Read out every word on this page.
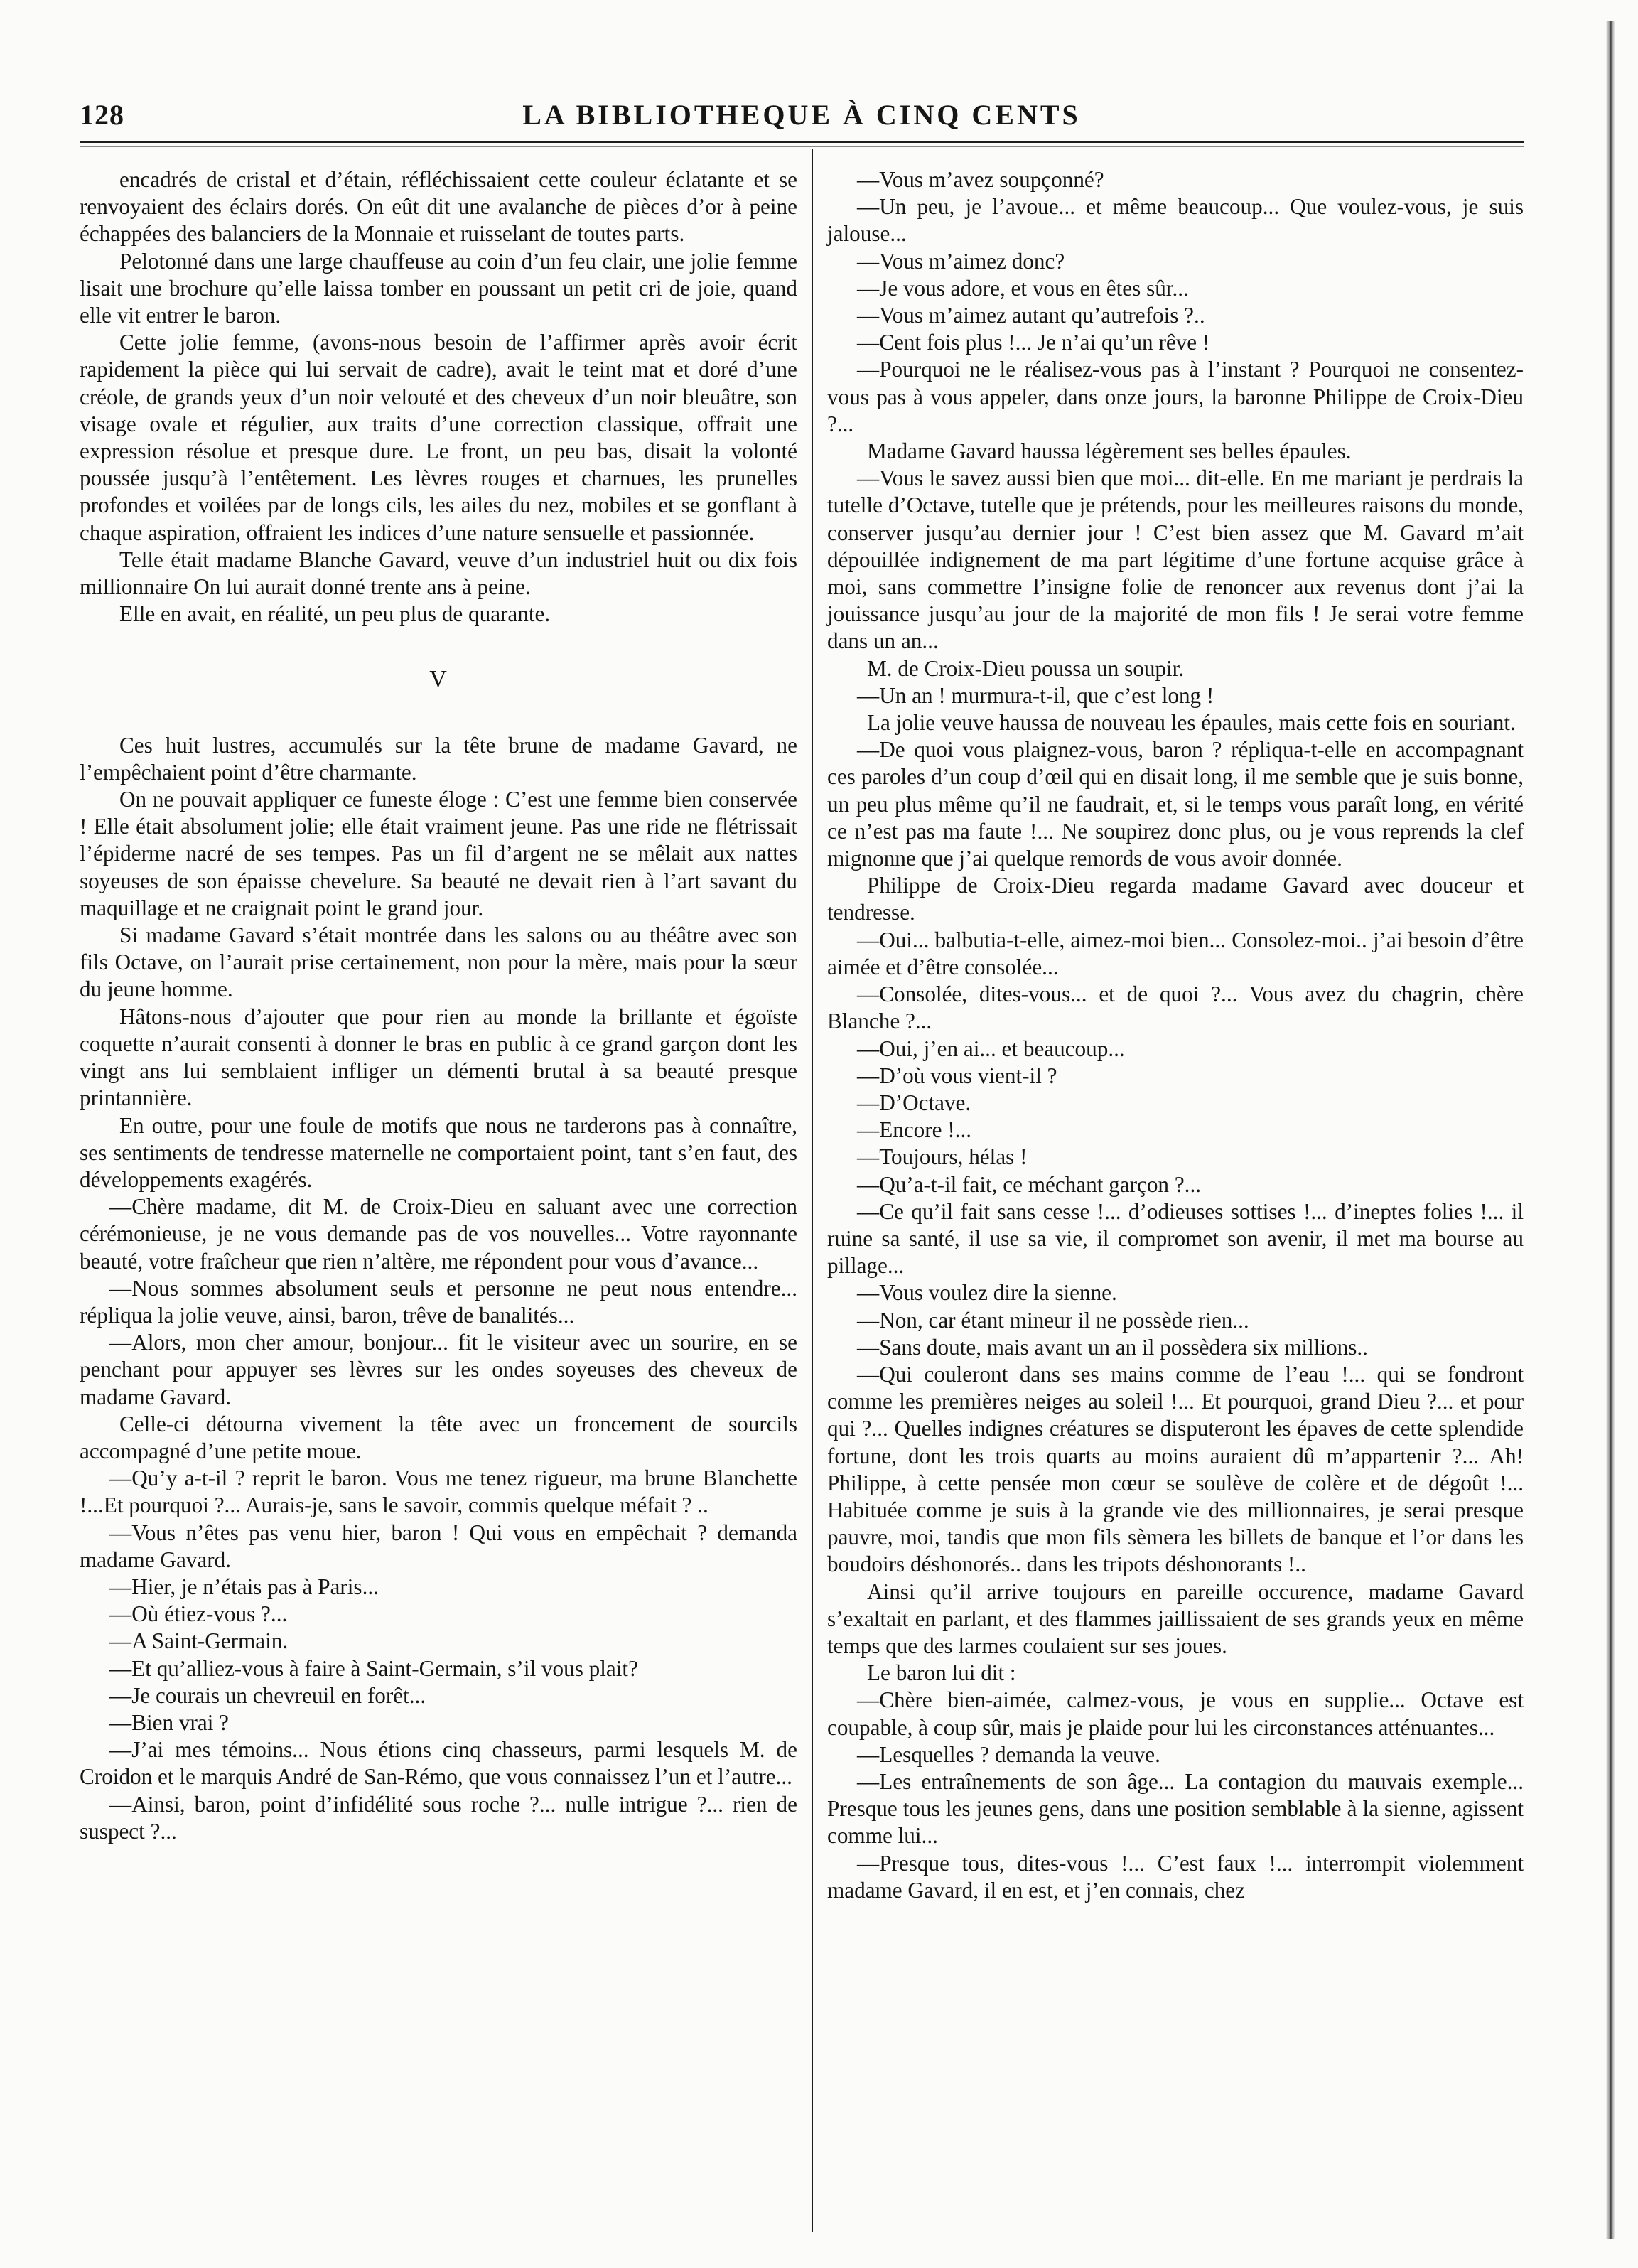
128	LA BIBLIOTHEQUE À CINQ CENTS

encadrés de cristal et d’étain, réfléchissaient cette couleur éclatante et se renvoyaient des éclairs dorés. On eût dit une avalanche de pièces d’or à peine échappées des balanciers de la Monnaie et ruisselant de toutes parts.

Pelotonné dans une large chauffeuse au coin d’un feu clair, une jolie femme lisait une brochure qu’elle laissa tomber en poussant un petit cri de joie, quand elle vit entrer le baron.

Cette jolie femme, (avons-nous besoin de l’affirmer après avoir écrit rapidement la pièce qui lui servait de cadre), avait le teint mat et doré d’une créole, de grands yeux d’un noir velouté et des cheveux d’un noir bleuâtre, son visage ovale et régulier, aux traits d’une correction classique, offrait une expression résolue et presque dure. Le front, un peu bas, disait la volonté poussée jusqu’à l’entêtement. Les lèvres rouges et charnues, les prunelles profondes et voilées par de longs cils, les ailes du nez, mobiles et se gonflant à chaque aspiration, offraient les indices d’une nature sensuelle et passionnée.

Telle était madame Blanche Gavard, veuve d’un industriel huit ou dix fois millionnaire On lui aurait donné trente ans à peine.

Elle en avait, en réalité, un peu plus de quarante.

V

Ces huit lustres, accumulés sur la tête brune de madame Gavard, ne l’empêchaient point d’être charmante.

On ne pouvait appliquer ce funeste éloge : C’est une femme bien conservée ! Elle était absolument jolie; elle était vraiment jeune. Pas une ride ne flétrissait l’épiderme nacré de ses tempes. Pas un fil d’argent ne se mêlait aux nattes soyeuses de son épaisse chevelure. Sa beauté ne devait rien à l’art savant du maquillage et ne craignait point le grand jour.

Si madame Gavard s’était montrée dans les salons ou au théâtre avec son fils Octave, on l’aurait prise certainement, non pour la mère, mais pour la sœur du jeune homme.

Hâtons-nous d’ajouter que pour rien au monde la brillante et égoïste coquette n’aurait consenti à donner le bras en public à ce grand garçon dont les vingt ans lui semblaient infliger un démenti brutal à sa beauté presque printannière.

En outre, pour une foule de motifs que nous ne tarderons pas à connaître, ses sentiments de tendresse maternelle ne comportaient point, tant s’en faut, des développements exagérés.

—Chère madame, dit M. de Croix-Dieu en saluant avec une correction cérémonieuse, je ne vous demande pas de vos nouvelles... Votre rayonnante beauté, votre fraîcheur que rien n’altère, me répondent pour vous d’avance...

—Nous sommes absolument seuls et personne ne peut nous entendre... répliqua la jolie veuve, ainsi, baron, trêve de banalités...

—Alors, mon cher amour, bonjour... fit le visiteur avec un sourire, en se penchant pour appuyer ses lèvres sur les ondes soyeuses des cheveux de madame Gavard.

Celle-ci détourna vivement la tête avec un froncement de sourcils accompagné d’une petite moue.

—Qu’y a-t-il ? reprit le baron. Vous me tenez rigueur, ma brune Blanchette !...Et pourquoi ?... Aurais-je, sans le savoir, commis quelque méfait ? ..

—Vous n’êtes pas venu hier, baron ! Qui vous en empêchait ? demanda madame Gavard.

—Hier, je n’étais pas à Paris...

—Où étiez-vous ?...

—A Saint-Germain.

—Et qu’alliez-vous à faire à Saint-Germain, s’il vous plait?

—Je courais un chevreuil en forêt...

—Bien vrai ?

—J’ai mes témoins... Nous étions cinq chasseurs, parmi lesquels M. de Croidon et le marquis André de San-Rémo, que vous connaissez l’un et l’autre...

—Ainsi, baron, point d’infidélité sous roche ?... nulle intrigue ?... rien de suspect ?...

—Vous m’avez soupçonné?

—Un peu, je l’avoue... et même beaucoup... Que voulez-vous, je suis jalouse...

—Vous m’aimez donc?

—Je vous adore, et vous en êtes sûr...

—Vous m’aimez autant qu’autrefois ?..

—Cent fois plus !... Je n’ai qu’un rêve !

—Pourquoi ne le réalisez-vous pas à l’instant ? Pourquoi ne consentez-vous pas à vous appeler, dans onze jours, la baronne Philippe de Croix-Dieu ?...

Madame Gavard haussa légèrement ses belles épaules.

—Vous le savez aussi bien que moi... dit-elle. En me mariant je perdrais la tutelle d’Octave, tutelle que je prétends, pour les meilleures raisons du monde, conserver jusqu’au dernier jour ! C’est bien assez que M. Gavard m’ait dépouillée indignement de ma part légitime d’une fortune acquise grâce à moi, sans commettre l’insigne folie de renoncer aux revenus dont j’ai la jouissance jusqu’au jour de la majorité de mon fils ! Je serai votre femme dans un an...

M. de Croix-Dieu poussa un soupir.

—Un an ! murmura-t-il, que c’est long !

La jolie veuve haussa de nouveau les épaules, mais cette fois en souriant.

—De quoi vous plaignez-vous, baron ? répliqua-t-elle en accompagnant ces paroles d’un coup d’œil qui en disait long, il me semble que je suis bonne, un peu plus même qu’il ne faudrait, et, si le temps vous paraît long, en vérité ce n’est pas ma faute !... Ne soupirez donc plus, ou je vous reprends la clef mignonne que j’ai quelque remords de vous avoir donnée.

Philippe de Croix-Dieu regarda madame Gavard avec douceur et tendresse.

—Oui... balbutia-t-elle, aimez-moi bien... Consolez-moi.. j’ai besoin d’être aimée et d’être consolée...

—Consolée, dites-vous... et de quoi ?... Vous avez du chagrin, chère Blanche ?...

—Oui, j’en ai... et beaucoup...

—D’où vous vient-il ?

—D’Octave.

—Encore !...

—Toujours, hélas !

—Qu’a-t-il fait, ce méchant garçon ?...

—Ce qu’il fait sans cesse !... d’odieuses sottises !... d’ineptes folies !... il ruine sa santé, il use sa vie, il compromet son avenir, il met ma bourse au pillage...

—Vous voulez dire la sienne.

—Non, car étant mineur il ne possède rien...

—Sans doute, mais avant un an il possèdera six millions..

—Qui couleront dans ses mains comme de l’eau !... qui se fondront comme les premières neiges au soleil !... Et pourquoi, grand Dieu ?... et pour qui ?... Quelles indignes créatures se disputeront les épaves de cette splendide fortune, dont les trois quarts au moins auraient dû m’appartenir ?... Ah! Philippe, à cette pensée mon cœur se soulève de colère et de dégoût !... Habituée comme je suis à la grande vie des millionnaires, je serai presque pauvre, moi, tandis que mon fils sèmera les billets de banque et l’or dans les boudoirs déshonorés.. dans les tripots déshonorants !..

Ainsi qu’il arrive toujours en pareille occurence, madame Gavard s’exaltait en parlant, et des flammes jaillissaient de ses grands yeux en même temps que des larmes coulaient sur ses joues.

Le baron lui dit :

—Chère bien-aimée, calmez-vous, je vous en supplie... Octave est coupable, à coup sûr, mais je plaide pour lui les circonstances atténuantes...

—Lesquelles ? demanda la veuve.

—Les entraînements de son âge... La contagion du mauvais exemple... Presque tous les jeunes gens, dans une position semblable à la sienne, agissent comme lui...

—Presque tous, dites-vous !... C’est faux !... interrompit violemment madame Gavard, il en est, et j’en connais, chez
